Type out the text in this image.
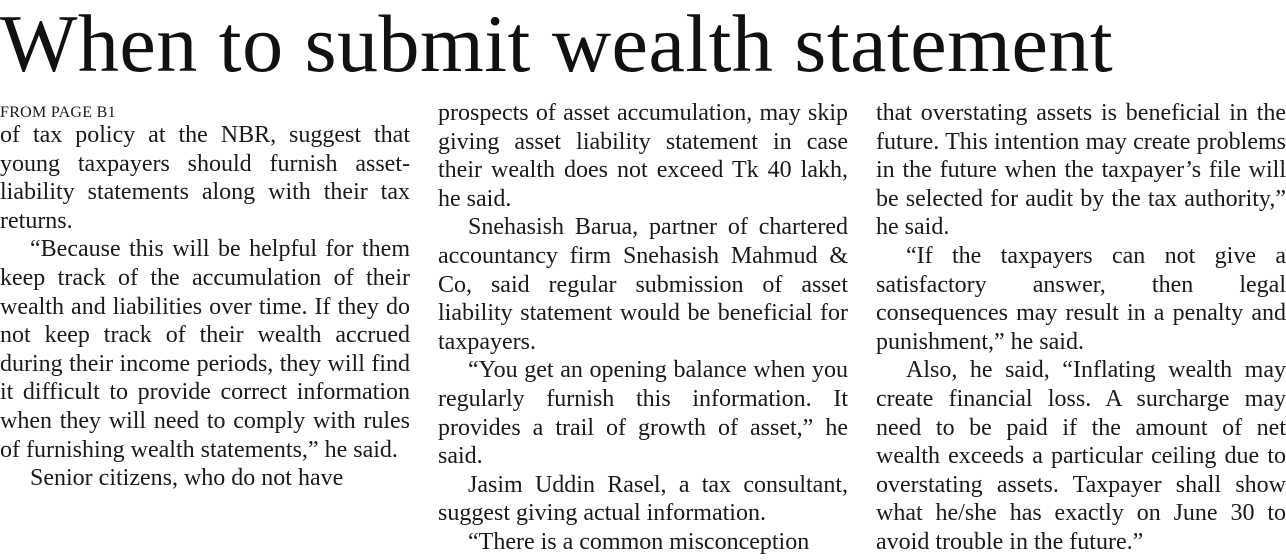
When to submit wealth statement
FROM PAGE B1

of tax policy at the NBR, suggest that young taxpayers should furnish asset-liability statements along with their tax returns.

“Because this will be helpful for them keep track of the accumulation of their wealth and liabilities over time. If they do not keep track of their wealth accrued during their income periods, they will find it difficult to provide correct information when they will need to comply with rules of furnishing wealth statements,” he said.

Senior citizens, who do not have

prospects of asset accumulation, may skip giving asset liability statement in case their wealth does not exceed Tk 40 lakh, he said.

Snehasish Barua, partner of chartered accountancy firm Snehasish Mahmud & Co, said regular submission of asset liability statement would be beneficial for taxpayers.

“You get an opening balance when you regularly furnish this information. It provides a trail of growth of asset,” he said.

Jasim Uddin Rasel, a tax consultant, suggest giving actual information.

“There is a common misconception

that overstating assets is beneficial in the future. This intention may create problems in the future when the taxpayer’s file will be selected for audit by the tax authority,” he said.

“If the taxpayers can not give a satisfactory answer, then legal consequences may result in a penalty and punishment,” he said.

Also, he said, “Inflating wealth may create financial loss. A surcharge may need to be paid if the amount of net wealth exceeds a particular ceiling due to overstating assets. Taxpayer shall show what he/she has exactly on June 30 to avoid trouble in the future.”
